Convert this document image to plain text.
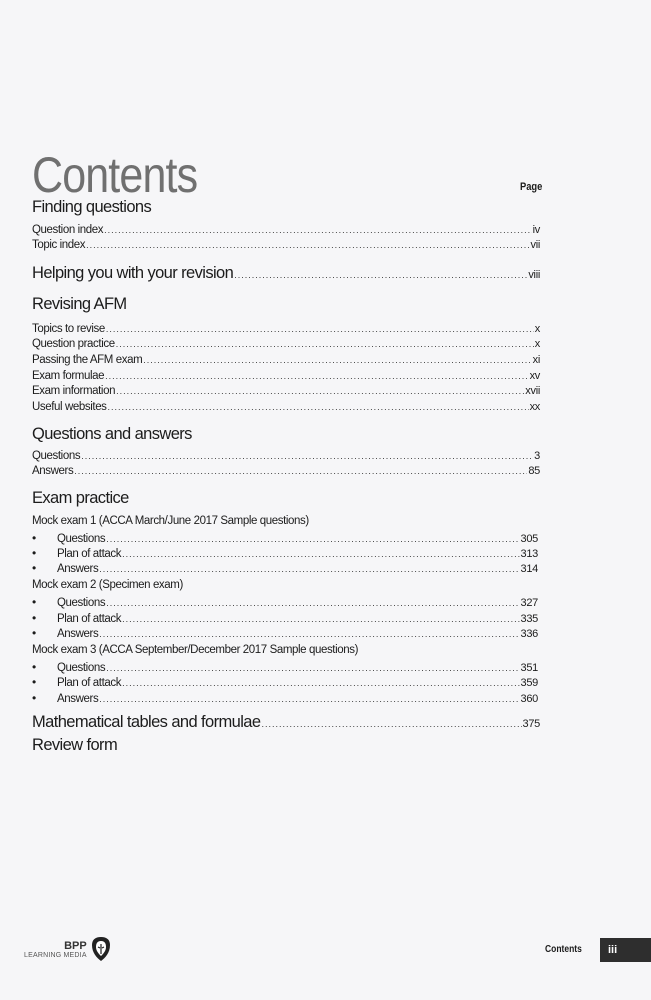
Contents	Page
Finding questions
Question index .....	iv
Topic index .....	vii
Helping you with your revision .....	viii
Revising AFM
Topics to revise .....	x
Question practice .....	x
Passing the AFM exam .....	xi
Exam formulae .....	xv
Exam information .....	xvii
Useful websites .....	xx
Questions and answers
Questions .....	3
Answers .....	85
Exam practice
Mock exam 1 (ACCA March/June 2017 Sample questions)
•	Questions .....	305
•	Plan of attack .....	313
•	Answers .....	314
Mock exam 2 (Specimen exam)
•	Questions .....	327
•	Plan of attack .....	335
•	Answers .....	336
Mock exam 3 (ACCA September/December 2017 Sample questions)
•	Questions .....	351
•	Plan of attack .....	359
•	Answers .....	360
Mathematical tables and formulae .....	375
Review form
BPP
LEARNING MEDIA	Contents	iii
